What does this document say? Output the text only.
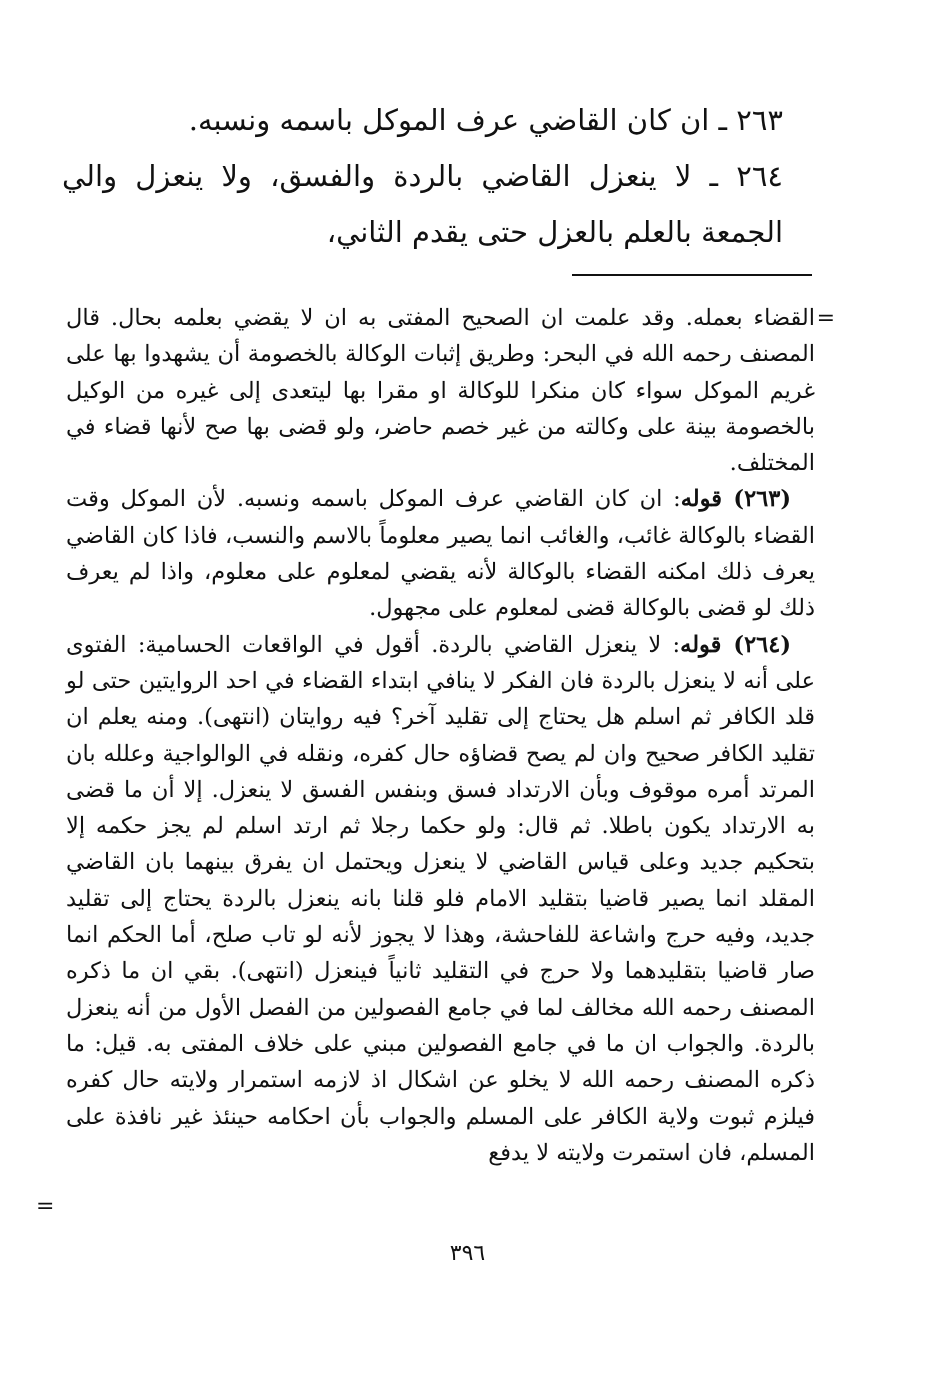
٢٦٣ ـ ان كان القاضي عرف الموكل باسمه ونسبه.

٢٦٤ ـ لا ينعزل القاضي بالردة والفسق، ولا ينعزل والي الجمعة بالعلم بالعزل حتى يقدم الثاني،

=

القضاء بعمله. وقد علمت ان الصحيح المفتى به ان لا يقضي بعلمه بحال. قال المصنف رحمه الله في البحر: وطريق إثبات الوكالة بالخصومة أن يشهدوا بها على غريم الموكل سواء كان منكرا للوكالة او مقرا بها ليتعدى إلى غيره من الوكيل بالخصومة بينة على وكالته من غير خصم حاضر، ولو قضى بها صح لأنها قضاء في المختلف.

(٢٦٣) قوله: ان كان القاضي عرف الموكل باسمه ونسبه. لأن الموكل وقت القضاء بالوكالة غائب، والغائب انما يصير معلوماً بالاسم والنسب، فاذا كان القاضي يعرف ذلك امكنه القضاء بالوكالة لأنه يقضي لمعلوم على معلوم، واذا لم يعرف ذلك لو قضى بالوكالة قضى لمعلوم على مجهول.

(٢٦٤) قوله: لا ينعزل القاضي بالردة. أقول في الواقعات الحسامية: الفتوى على أنه لا ينعزل بالردة فان الفكر لا ينافي ابتداء القضاء في احد الروايتين حتى لو قلد الكافر ثم اسلم هل يحتاج إلى تقليد آخر؟ فيه روايتان (انتهى). ومنه يعلم ان تقليد الكافر صحيح وان لم يصح قضاؤه حال كفره، ونقله في الوالواجية وعلله بان المرتد أمره موقوف وبأن الارتداد فسق وبنفس الفسق لا ينعزل. إلا أن ما قضى به الارتداد يكون باطلا. ثم قال: ولو حكما رجلا ثم ارتد اسلم لم يجز حكمه إلا بتحكيم جديد وعلى قياس القاضي لا ينعزل ويحتمل ان يفرق بينهما بان القاضي المقلد انما يصير قاضيا بتقليد الامام فلو قلنا بانه ينعزل بالردة يحتاج إلى تقليد جديد، وفيه حرج واشاعة للفاحشة، وهذا لا يجوز لأنه لو تاب صلح، أما الحكم انما صار قاضيا بتقليدهما ولا حرج في التقليد ثانياً فينعزل (انتهى). بقي ان ما ذكره المصنف رحمه الله مخالف لما في جامع الفصولين من الفصل الأول من أنه ينعزل بالردة. والجواب ان ما في جامع الفصولين مبني على خلاف المفتى به. قيل: ما ذكره المصنف رحمه الله لا يخلو عن اشكال اذ لازمه استمرار ولايته حال كفره فيلزم ثبوت ولاية الكافر على المسلم والجواب بأن احكامه حينئذ غير نافذة على المسلم، فان استمرت ولايته لا يدفع

=
٣٩٦
